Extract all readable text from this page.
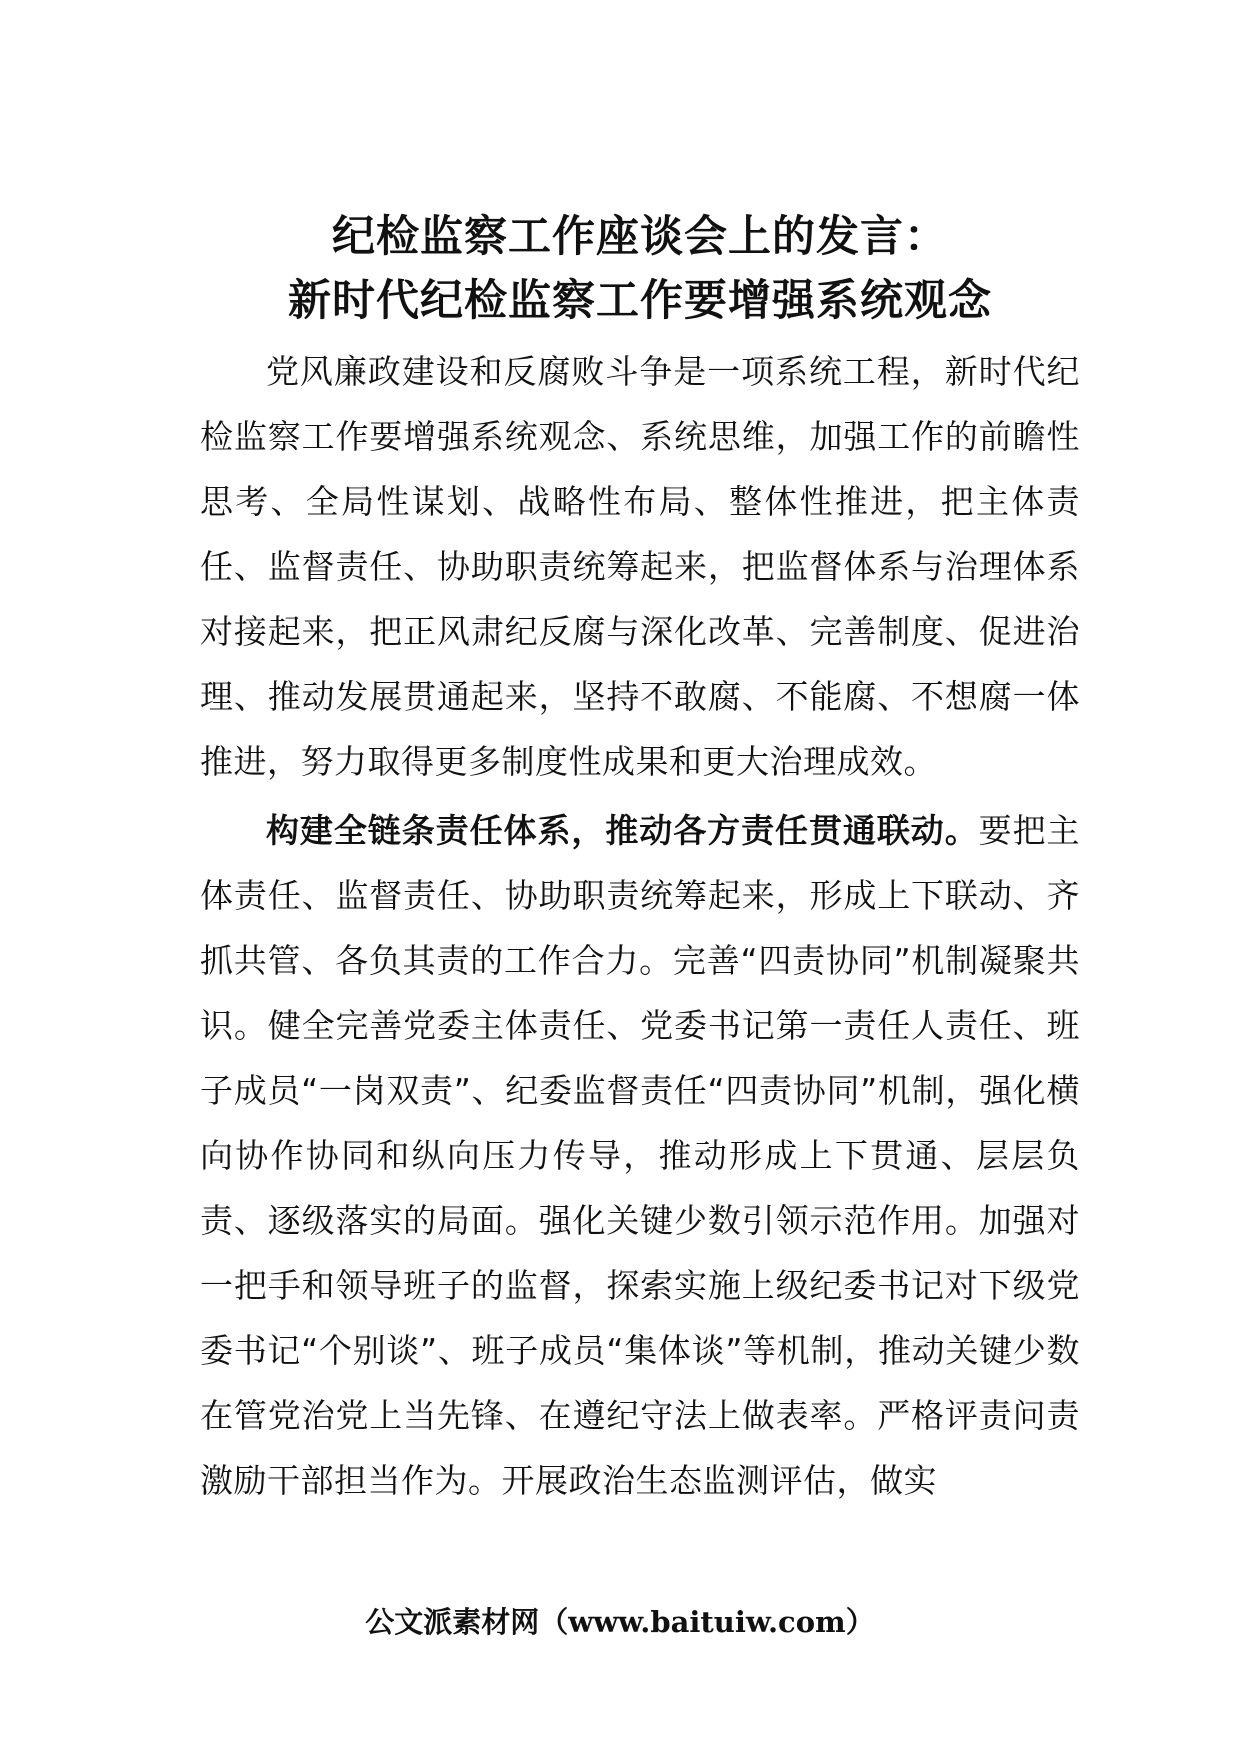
纪检监察工作座谈会上的发言：
新时代纪检监察工作要增强系统观念

党风廉政建设和反腐败斗争是一项系统工程，新时代纪检监察工作要增强系统观念、系统思维，加强工作的前瞻性思考、全局性谋划、战略性布局、整体性推进，把主体责任、监督责任、协助职责统筹起来，把监督体系与治理体系对接起来，把正风肃纪反腐与深化改革、完善制度、促进治理、推动发展贯通起来，坚持不敢腐、不能腐、不想腐一体推进，努力取得更多制度性成果和更大治理成效。

构建全链条责任体系，推动各方责任贯通联动。要把主体责任、监督责任、协助职责统筹起来，形成上下联动、齐抓共管、各负其责的工作合力。完善“四责协同”机制凝聚共识。健全完善党委主体责任、党委书记第一责任人责任、班子成员“一岗双责”、纪委监督责任“四责协同”机制，强化横向协作协同和纵向压力传导，推动形成上下贯通、层层负责、逐级落实的局面。强化关键少数引领示范作用。加强对一把手和领导班子的监督，探索实施上级纪委书记对下级党委书记“个别谈”、班子成员“集体谈”等机制，推动关键少数在管党治党上当先锋、在遵纪守法上做表率。严格评责问责激励干部担当作为。开展政治生态监测评估，做实

公文派素材网（www.baituiw.com）
